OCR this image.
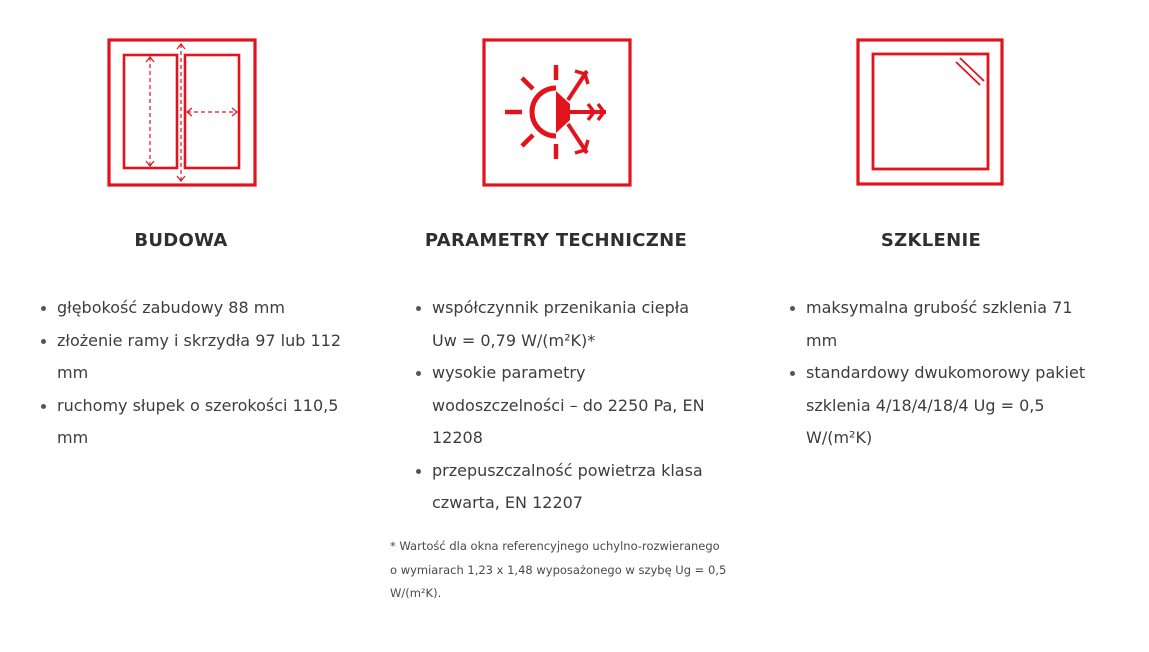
BUDOWA
głębokość zabudowy 88 mm
złożenie ramy i skrzydła 97 lub 112 mm
ruchomy słupek o szerokości 110,5 mm
PARAMETRY TECHNICZNE
współczynnik przenikania ciepła Uw = 0,79 W/(m²K)*
wysokie parametry wodoszczelności – do 2250 Pa, EN 12208
przepuszczalność powietrza klasa czwarta, EN 12207
* Wartość dla okna referencyjnego uchylno-rozwieranego o wymiarach 1,23 x 1,48 wyposażonego w szybę Ug = 0,5 W/(m²K).
SZKLENIE
maksymalna grubość szklenia 71 mm
standardowy dwukomorowy pakiet szklenia 4/18/4/18/4 Ug = 0,5 W/(m²K)
